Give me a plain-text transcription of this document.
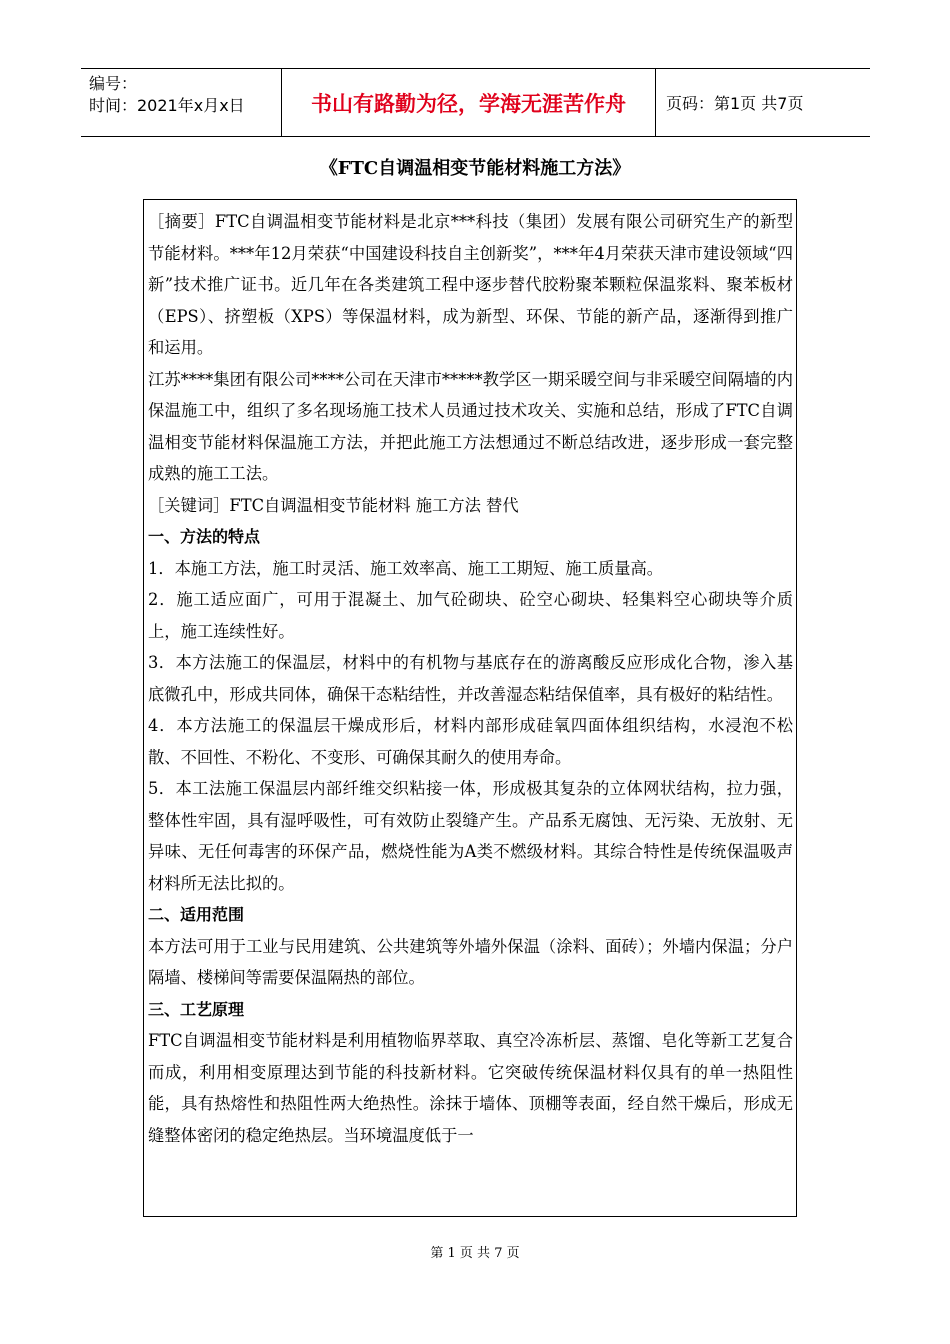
编号：
时间：2021年x月x日	书山有路勤为径，学海无涯苦作舟	页码：第1页 共7页
《FTC自调温相变节能材料施工方法》

［摘要］FTC自调温相变节能材料是北京***科技（集团）发展有限公司研究生产的新型节能材料。***年12月荣获“中国建设科技自主创新奖”，***年4月荣获天津市建设领域“四新”技术推广证书。近几年在各类建筑工程中逐步替代胶粉聚苯颗粒保温浆料、聚苯板材（EPS）、挤塑板（XPS）等保温材料，成为新型、环保、节能的新产品，逐渐得到推广和运用。

江苏****集团有限公司****公司在天津市*****教学区一期采暖空间与非采暖空间隔墙的内保温施工中，组织了多名现场施工技术人员通过技术攻关、实施和总结，形成了FTC自调温相变节能材料保温施工方法，并把此施工方法想通过不断总结改进，逐步形成一套完整成熟的施工工法。

［关键词］FTC自调温相变节能材料 施工方法 替代

一、方法的特点

1．本施工方法，施工时灵活、施工效率高、施工工期短、施工质量高。

2．施工适应面广，可用于混凝土、加气砼砌块、砼空心砌块、轻集料空心砌块等介质上，施工连续性好。

3．本方法施工的保温层，材料中的有机物与基底存在的游离酸反应形成化合物，渗入基底微孔中，形成共同体，确保干态粘结性，并改善湿态粘结保值率，具有极好的粘结性。

4．本方法施工的保温层干燥成形后，材料内部形成硅氧四面体组织结构，水浸泡不松散、不回性、不粉化、不变形、可确保其耐久的使用寿命。

5．本工法施工保温层内部纤维交织粘接一体，形成极其复杂的立体网状结构，拉力强，整体性牢固，具有湿呼吸性，可有效防止裂缝产生。产品系无腐蚀、无污染、无放射、无异味、无任何毒害的环保产品，燃烧性能为A类不燃级材料。其综合特性是传统保温吸声材料所无法比拟的。

二、适用范围

本方法可用于工业与民用建筑、公共建筑等外墙外保温（涂料、面砖）；外墙内保温；分户隔墙、楼梯间等需要保温隔热的部位。

三、工艺原理

FTC自调温相变节能材料是利用植物临界萃取、真空冷冻析层、蒸馏、皂化等新工艺复合而成，利用相变原理达到节能的科技新材料。它突破传统保温材料仅具有的单一热阻性能，具有热熔性和热阻性两大绝热性。涂抹于墙体、顶棚等表面，经自然干燥后，形成无缝整体密闭的稳定绝热层。当环境温度低于一

第 1 页 共 7 页
